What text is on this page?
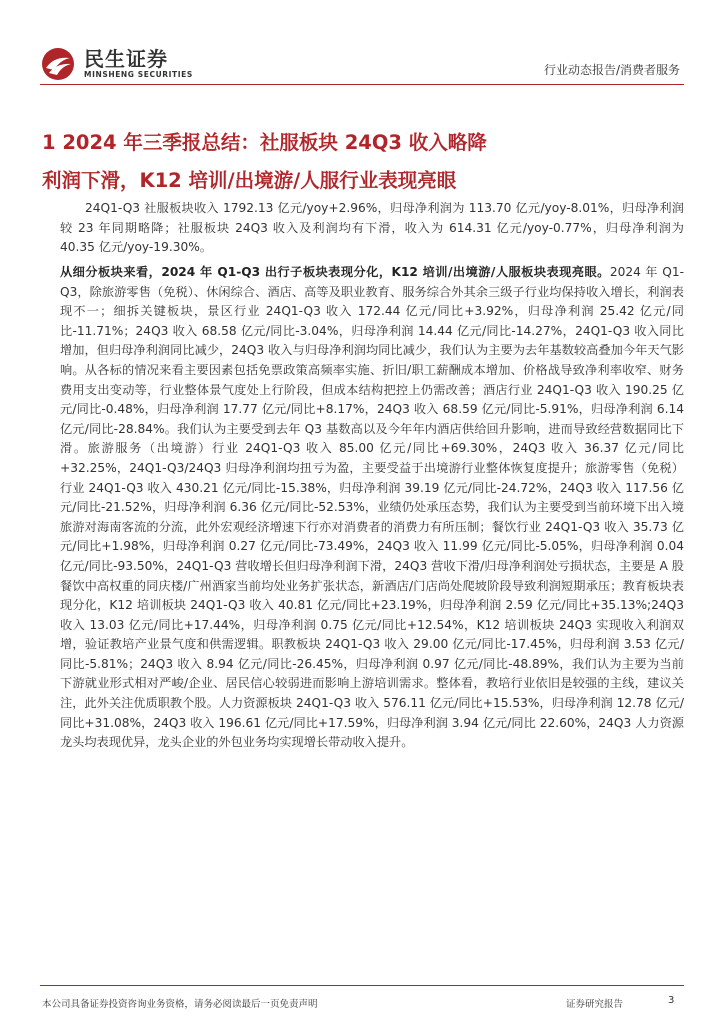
民生证券
MINSHENG SECURITIES	行业动态报告/消费者服务
1 2024 年三季报总结：社服板块 24Q3 收入略降
利润下滑，K12 培训/出境游/人服行业表现亮眼

24Q1-Q3 社服板块收入 1792.13 亿元/yoy+2.96%，归母净利润为 113.70 亿元/yoy-8.01%，归母净利润较 23 年同期略降；社服板块 24Q3 收入及利润均有下滑，收入为 614.31 亿元/yoy-0.77%，归母净利润为 40.35 亿元/yoy-19.30%。

从细分板块来看，2024 年 Q1-Q3 出行子板块表现分化，K12 培训/出境游/人服板块表现亮眼。2024 年 Q1-Q3，除旅游零售（免税）、休闲综合、酒店、高等及职业教育、服务综合外其余三级子行业均保持收入增长，利润表现不一；细拆关键板块，景区行业 24Q1-Q3 收入 172.44 亿元/同比+3.92%，归母净利润 25.42 亿元/同比-11.71%；24Q3 收入 68.58 亿元/同比-3.04%，归母净利润 14.44 亿元/同比-14.27%，24Q1-Q3 收入同比增加，但归母净利润同比减少，24Q3 收入与归母净利润均同比减少，我们认为主要为去年基数较高叠加今年天气影响。从各标的情况来看主要因素包括免票政策高频率实施、折旧/职工薪酬成本增加、价格战导致净利率收窄、财务费用支出变动等，行业整体景气度处上行阶段，但成本结构把控上仍需改善；酒店行业 24Q1-Q3 收入 190.25 亿元/同比-0.48%，归母净利润 17.77 亿元/同比+8.17%，24Q3 收入 68.59 亿元/同比-5.91%，归母净利润 6.14 亿元/同比-28.84%。我们认为主要受到去年 Q3 基数高以及今年年内酒店供给回升影响，进而导致经营数据同比下滑。旅游服务（出境游）行业 24Q1-Q3 收入 85.00 亿元/同比+69.30%，24Q3 收入 36.37 亿元/同比+32.25%，24Q1-Q3/24Q3 归母净利润均扭亏为盈，主要受益于出境游行业整体恢复度提升；旅游零售（免税）行业 24Q1-Q3 收入 430.21 亿元/同比-15.38%，归母净利润 39.19 亿元/同比-24.72%，24Q3 收入 117.56 亿元/同比-21.52%，归母净利润 6.36 亿元/同比-52.53%，业绩仍处承压态势，我们认为主要受到当前环境下出入境旅游对海南客流的分流，此外宏观经济增速下行亦对消费者的消费力有所压制；餐饮行业 24Q1-Q3 收入 35.73 亿元/同比+1.98%，归母净利润 0.27 亿元/同比-73.49%，24Q3 收入 11.99 亿元/同比-5.05%，归母净利润 0.04 亿元/同比-93.50%，24Q1-Q3 营收增长但归母净利润下滑，24Q3 营收下滑/归母净利润处亏损状态，主要是 A 股餐饮中高权重的同庆楼/广州酒家当前均处业务扩张状态，新酒店/门店尚处爬坡阶段导致利润短期承压；教育板块表现分化，K12 培训板块 24Q1-Q3 收入 40.81 亿元/同比+23.19%，归母净利润 2.59 亿元/同比+35.13%;24Q3 收入 13.03 亿元/同比+17.44%，归母净利润 0.75 亿元/同比+12.54%，K12 培训板块 24Q3 实现收入利润双增，验证教培产业景气度和供需逻辑。职教板块 24Q1-Q3 收入 29.00 亿元/同比-17.45%，归母利润 3.53 亿元/同比-5.81%；24Q3 收入 8.94 亿元/同比-26.45%，归母净利润 0.97 亿元/同比-48.89%，我们认为主要为当前下游就业形式相对严峻/企业、居民信心较弱进而影响上游培训需求。整体看，教培行业依旧是较强的主线，建议关注，此外关注优质职教个股。人力资源板块 24Q1-Q3 收入 576.11 亿元/同比+15.53%，归母净利润 12.78 亿元/同比+31.08%，24Q3 收入 196.61 亿元/同比+17.59%，归母净利润 3.94 亿元/同比 22.60%，24Q3 人力资源龙头均表现优异，龙头企业的外包业务均实现增长带动收入提升。

本公司具备证券投资咨询业务资格，请务必阅读最后一页免责声明	证券研究报告	3
